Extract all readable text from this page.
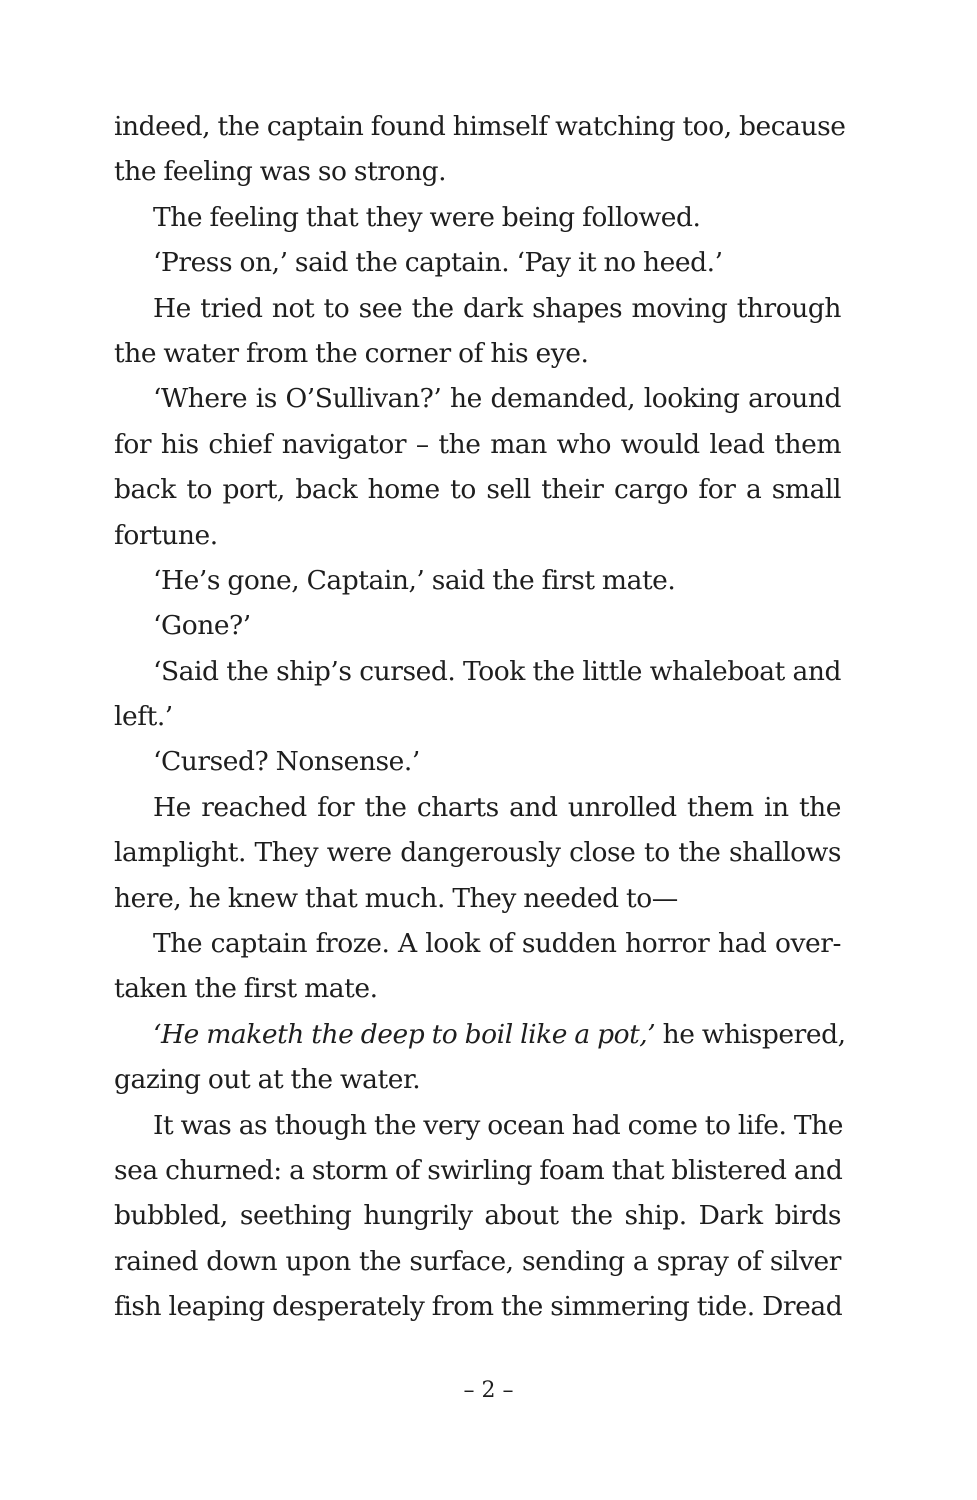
indeed, the captain found himself watching too, because
the feeling was so strong.
The feeling that they were being followed.
‘Press on,’ said the captain. ‘Pay it no heed.’
He tried not to see the dark shapes moving through
the water from the corner of his eye.
‘Where is O’Sullivan?’ he demanded, looking around
for his chief navigator – the man who would lead them
back to port, back home to sell their cargo for a small
fortune.
‘He’s gone, Captain,’ said the first mate.
‘Gone?’
‘Said the ship’s cursed. Took the little whaleboat and
left.’
‘Cursed? Nonsense.’
He reached for the charts and unrolled them in the
lamplight. They were dangerously close to the shallows
here, he knew that much. They needed to—
The captain froze. A look of sudden horror had over-
taken the first mate.
‘He maketh the deep to boil like a pot,’ he whispered,
gazing out at the water.
It was as though the very ocean had come to life. The
sea churned: a storm of swirling foam that blistered and
bubbled, seething hungrily about the ship. Dark birds
rained down upon the surface, sending a spray of silver
fish leaping desperately from the simmering tide. Dread
– 2 –
